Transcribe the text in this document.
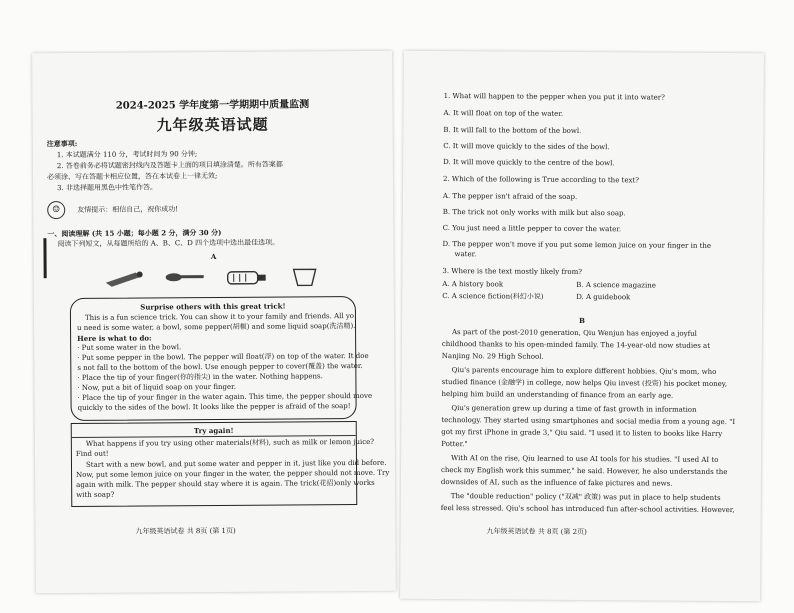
2024-2025 学年度第一学期期中质量监测
九年级英语试题
注意事项:
1. 本试题满分 110 分，考试时间为 90 分钟;
2. 答卷前务必将试题密封线内及答题卡上面的项目填涂清楚。所有答案都
必须涂、写在答题卡相应位置，答在本试卷上一律无效;
3. 非选择题用黑色中性笔作答。
☺	友情提示：相信自己，祝你成功!
一、阅读理解 (共 15 小题；每小题 2 分，满分 30 分)
阅读下列短文，从每题所给的 A、B、C、D 四个选项中选出最佳选项。
A
Surprise others with this great trick!
This is a fun science trick. You can show it to your family and friends. All yo
u need is some water, a bowl, some pepper(胡椒) and some liquid soap(洗洁精).
Here is what to do:
· Put some water in the bowl.
· Put some pepper in the bowl. The pepper will float(浮) on top of the water. It doe
s not fall to the bottom of the bowl. Use enough pepper to cover(覆盖) the water.
· Place the tip of your finger(你的指尖) in the water. Nothing happens.
· Now, put a bit of liquid soap on your finger.
· Place the tip of your finger in the water again. This time, the pepper should move
quickly to the sides of the bowl. It looks like the pepper is afraid of the soap!
Try again!
What happens if you try using other materials(材料), such as milk or lemon juice?
Find out!
Start with a new bowl, and put some water and pepper in it, just like you did before.
Now, put some lemon juice on your finger in the water, the pepper should not move. Try
again with milk. The pepper should stay where it is again. The trick(花招)only works
with soap?
九年级英语试卷 共 8页 (第 1页)
1. What will happen to the pepper when you put it into water?
A. It will float on top of the water.
B. It will fall to the bottom of the bowl.
C. It will move quickly to the sides of the bowl.
D. It will move quickly to the centre of the bowl.
2. Which of the following is True according to the text?
A. The pepper isn't afraid of the soap.
B. The trick not only works with milk but also soap.
C. You just need a little pepper to cover the water.
D. The pepper won't move if you put some lemon juice on your finger in the
water.
3. Where is the text mostly likely from?
A. A history book	B. A science magazine
C. A science fiction(科幻小说)	D. A guidebook
B
As part of the post-2010 generation, Qiu Wenjun has enjoyed a joyful
childhood thanks to his open-minded family. The 14-year-old now studies at
Nanjing No. 29 High School.
Qiu's parents encourage him to explore different hobbies. Qiu's mom, who
studied finance (金融学) in college, now helps Qiu invest (投资) his pocket money,
helping him build an understanding of finance from an early age.
Qiu's generation grew up during a time of fast growth in information
technology. They started using smartphones and social media from a young age. "I
got my first iPhone in grade 3," Qiu said. "I used it to listen to books like Harry
Potter."
With AI on the rise, Qiu learned to use AI tools for his studies. "I used AI to
check my English work this summer," he said. However, he also understands the
downsides of AI, such as the influence of fake pictures and news.
The "double reduction" policy ("双减" 政策) was put in place to help students
feel less stressed. Qiu's school has introduced fun after-school activities. However,
九年级英语试卷 共 8页 (第 2页)
